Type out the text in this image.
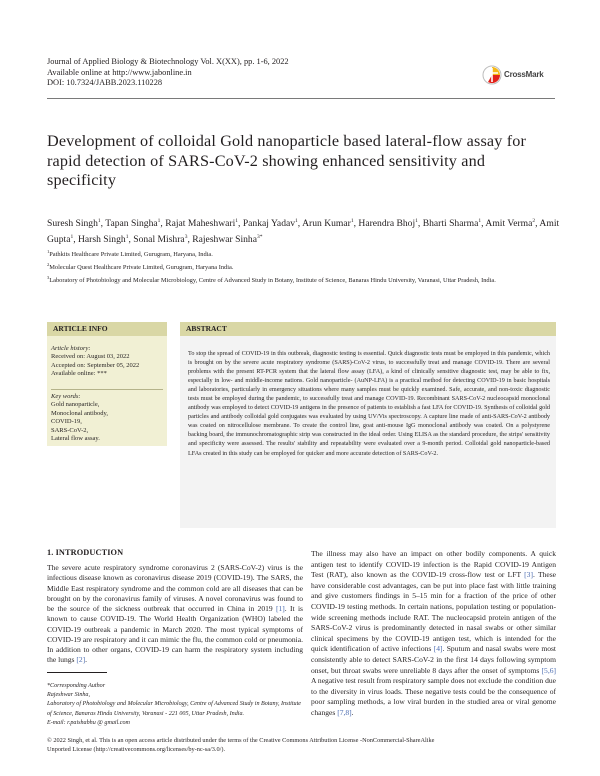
Journal of Applied Biology & Biotechnology Vol. X(XX), pp. 1-6, 2022
Available online at http://www.jabonline.in
DOI: 10.7324/JABB.2023.110228
CrossMark
Development of colloidal Gold nanoparticle based lateral-flow assay for rapid detection of SARS-CoV-2 showing enhanced sensitivity and specificity
Suresh Singh$^1$, Tapan Singha$^1$, Rajat Maheshwari$^1$, Pankaj Yadav$^1$, Arun Kumar$^1$, Harendra Bhoj$^1$, Bharti Sharma$^1$, Amit Verma$^2$, Amit Gupta$^1$, Harsh Singh$^1$, Sonal Mishra$^3$, Rajeshwar Sinha$^{3*}$
$^1$Pathkits Healthcare Private Limited, Gurugram, Haryana, India.
$^2$Molecular Quest Healthcare Private Limited, Gurugram, Haryana India.
$^3$Laboratory of Photobiology and Molecular Microbiology, Centre of Advanced Study in Botany, Institute of Science, Banaras Hindu University, Varanasi, Uttar Pradesh, India.
ARTICLE INFO
Article history:
Received on: August 03, 2022
Accepted on: September 05, 2022
Available online: ***
Key words:
Gold nanoparticle,
Monoclonal antibody,
COVID-19,
SARS-CoV-2,
Lateral flow assay.
ABSTRACT
To stop the spread of COVID-19 in this outbreak, diagnostic testing is essential. Quick diagnostic tests must be employed in this pandemic, which is brought on by the severe acute respiratory syndrome (SARS)-CoV-2 virus, to successfully treat and manage COVID-19. There are several problems with the present RT-PCR system that the lateral flow assay (LFA), a kind of clinically sensitive diagnostic test, may be able to fix, especially in low- and middle-income nations. Gold nanoparticle- (AuNP-LFA) is a practical method for detecting COVID-19 in basic hospitals and laboratories, particularly in emergency situations where many samples must be quickly examined. Safe, accurate, and non-toxic diagnostic tests must be employed during the pandemic, to successfully treat and manage COVID-19. Recombinant SARS-CoV-2 nucleocapsid monoclonal antibody was employed to detect COVID-19 antigens in the presence of patients to establish a fast LFA for COVID-19. Synthesis of colloidal gold particles and antibody colloidal gold conjugates was evaluated by using UV/Vis spectroscopy. A capture line made of anti-SARS-CoV-2 antibody was coated on nitrocellulose membrane. To create the control line, goat anti-mouse IgG monoclonal antibody was coated. On a polystyrene backing board, the immunochromatographic strip was constructed in the ideal order. Using ELISA as the standard procedure, the strips' sensitivity and specificity were assessed. The results' stability and repeatability were evaluated over a 9-month period. Colloidal gold nanoparticle-based LFAs created in this study can be employed for quicker and more accurate detection of SARS-CoV-2.
1. INTRODUCTION

The severe acute respiratory syndrome coronavirus 2 (SARS-CoV-2) virus is the infectious disease known as coronavirus disease 2019 (COVID-19). The SARS, the Middle East respiratory syndrome and the common cold are all diseases that can be brought on by the coronavirus family of viruses. A novel coronavirus was found to be the source of the sickness outbreak that occurred in China in 2019 [1]. It is known to cause COVID-19. The World Health Organization (WHO) labeled the COVID-19 outbreak a pandemic in March 2020. The most typical symptoms of COVID-19 are respiratory and it can mimic the flu, the common cold or pneumonia. In addition to other organs, COVID-19 can harm the respiratory system including the lungs [2].

The illness may also have an impact on other bodily components. A quick antigen test to identify COVID-19 infection is the Rapid COVID-19 Antigen Test (RAT), also known as the COVID-19 cross-flow test or LFT [3]. These have considerable cost advantages, can be put into place fast with little training and give customers findings in 5–15 min for a fraction of the price of other COVID-19 testing methods. In certain nations, population testing or population-wide screening methods include RAT. The nucleocapsid protein antigen of the SARS-CoV-2 virus is predominantly detected in nasal swabs or other similar clinical specimens by the COVID-19 antigen test, which is intended for the quick identification of active infections [4]. Sputum and nasal swabs were most consistently able to detect SARS-CoV-2 in the first 14 days following symptom onset, but throat swabs were unreliable 8 days after the onset of symptoms [5,6] A negative test result from respiratory sample does not exclude the condition due to the diversity in virus loads. These negative tests could be the consequence of poor sampling methods, a low viral burden in the studied area or viral genome changes [7,8].

*Corresponding Author
Rajeshwar Sinha,
Laboratory of Photobiology and Molecular Microbiology, Centre of Advanced Study in Botany, Institute of Science, Banaras Hindu University, Varanasi - 221 005, Uttar Pradesh, India.
E-mail: r.paishabhu @ gmail.com
© 2022 Singh, et al. This is an open access article distributed under the terms of the Creative Commons Attribution License -NonCommercial-ShareAlike
Unported License (http://creativecommons.org/licenses/by-nc-sa/3.0/).
